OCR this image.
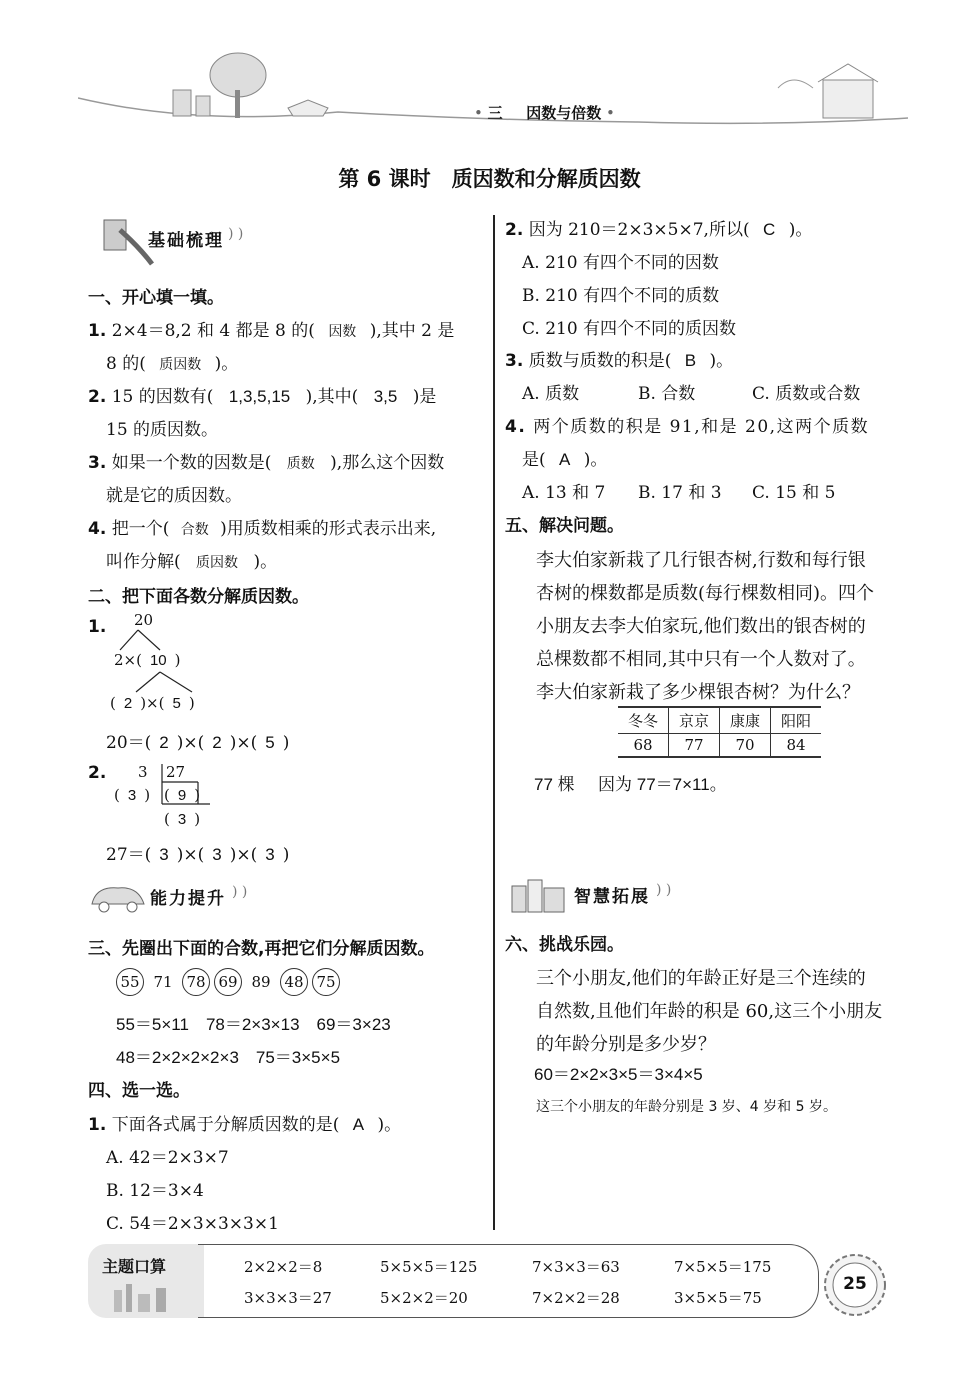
• 三 因数与倍数 •
第 6 课时　质因数和分解质因数
基础梳理 ) )
一、开心填一填。
1. 2×4＝8,2 和 4 都是 8 的( 因数 ),其中 2 是
8 的( 质因数 )。
2. 15 的因数有( 1,3,5,15 ),其中( 3,5 )是
15 的质因数。
3. 如果一个数的因数是( 质数 ),那么这个因数
就是它的质因数。
4. 把一个( 合数 )用质数相乘的形式表示出来,
叫作分解( 质因数 )。
二、把下面各数分解质因数。
1. 20
2×( 10 )
( 2 )×( 5 )
20＝( 2 )×( 2 )×( 5 )
2. 3 27
( 3 ) ( 9 )
( 3 )
27＝( 3 )×( 3 )×( 3 )
能力提升 ) )
三、先圈出下面的合数,再把它们分解质因数。
55 71 78 69 89 48 75
55＝5×11　78＝2×3×13　69＝3×23
48＝2×2×2×2×3　75＝3×5×5
四、选一选。
1. 下面各式属于分解质因数的是( A )。
A. 42＝2×3×7
B. 12＝3×4
C. 54＝2×3×3×3×1
2. 因为 210＝2×3×5×7,所以( C )。
A. 210 有四个不同的因数
B. 210 有四个不同的质数
C. 210 有四个不同的质因数
3. 质数与质数的积是( B )。
A. 质数	B. 合数	C. 质数或合数
4. 两个质数的积是 91,和是 20,这两个质数
是( A )。
A. 13 和 7 B. 17 和 3 C. 15 和 5
五、解决问题。
李大伯家新栽了几行银杏树,行数和每行银
杏树的棵数都是质数(每行棵数相同)。四个
小朋友去李大伯家玩,他们数出的银杏树的
总棵数都不相同,其中只有一个人数对了。
李大伯家新栽了多少棵银杏树？为什么？
冬冬	京京	康康	阳阳
68	77	70	84
77 棵 因为 77＝7×11。
智慧拓展 ) )
六、挑战乐园。
三个小朋友,他们的年龄正好是三个连续的
自然数,且他们年龄的积是 60,这三个小朋友
的年龄分别是多少岁？
60＝2×2×3×5＝3×4×5
这三个小朋友的年龄分别是 3 岁、4 岁和 5 岁。
主题口算	2×2×2＝8	5×5×5＝125	7×3×3＝63	7×5×5＝175
3×3×3＝27	5×2×2＝20	7×2×2＝28	3×5×5＝75
25
